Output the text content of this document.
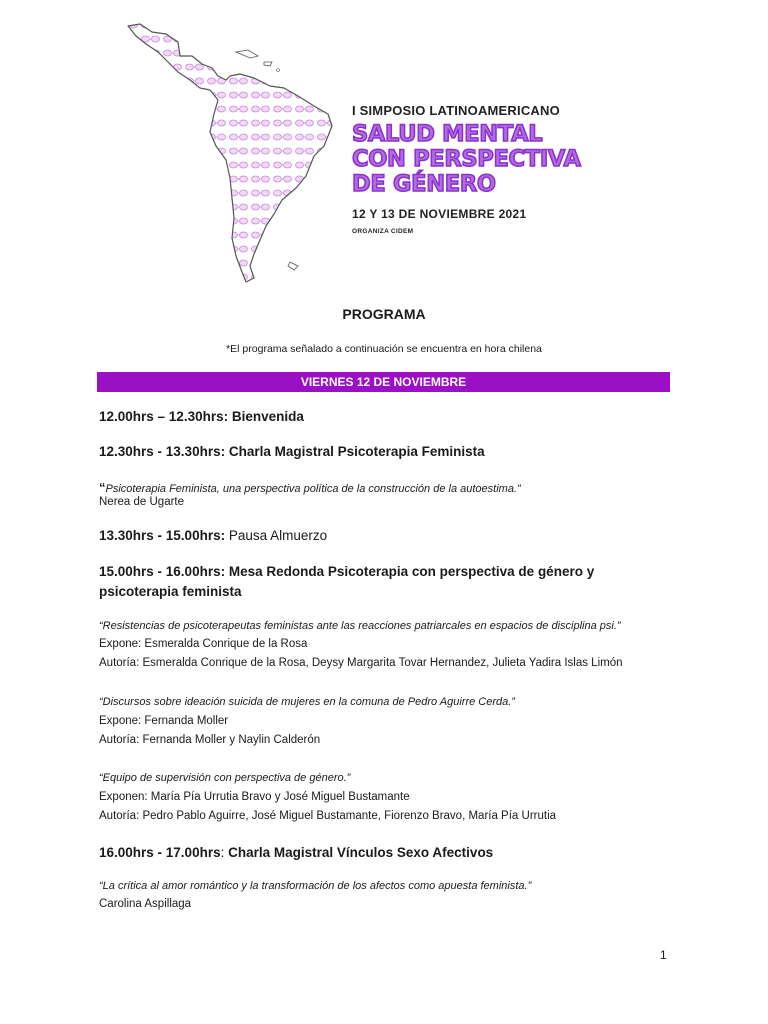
I SIMPOSIO LATINOAMERICANO
SALUD MENTAL
CON PERSPECTIVA
DE GÉNERO
12 Y 13 DE NOVIEMBRE 2021
ORGANIZA CIDEM
PROGRAMA
*El programa señalado a continuación se encuentra en hora chilena
VIERNES 12 DE NOVIEMBRE
12.00hrs – 12.30hrs: Bienvenida
12.30hrs - 13.30hrs: Charla Magistral Psicoterapia Feminista
“Psicoterapia Feminista, una perspectiva política de la construcción de la autoestima.”
Nerea de Ugarte
13.30hrs - 15.00hrs: Pausa Almuerzo
15.00hrs - 16.00hrs: Mesa Redonda Psicoterapia con perspectiva de género y
psicoterapia feminista
“Resistencias de psicoterapeutas feministas ante las reacciones patriarcales en espacios de disciplina psi.”
Expone: Esmeralda Conrique de la Rosa
Autoría: Esmeralda Conrique de la Rosa, Deysy Margarita Tovar Hernandez, Julieta Yadira Islas Limón
“Discursos sobre ideación suicida de mujeres en la comuna de Pedro Aguirre Cerda.”
Expone: Fernanda Moller
Autoría: Fernanda Moller y Naylin Calderón
“Equipo de supervisión con perspectiva de género.”
Exponen: María Pía Urrutia Bravo y José Miguel Bustamante
Autoría: Pedro Pablo Aguirre, José Miguel Bustamante, Fiorenzo Bravo, María Pía Urrutia
16.00hrs - 17.00hrs: Charla Magistral Vínculos Sexo Afectivos
“La crítica al amor romántico y la transformación de los afectos como apuesta feminista.”
Carolina Aspillaga
1
